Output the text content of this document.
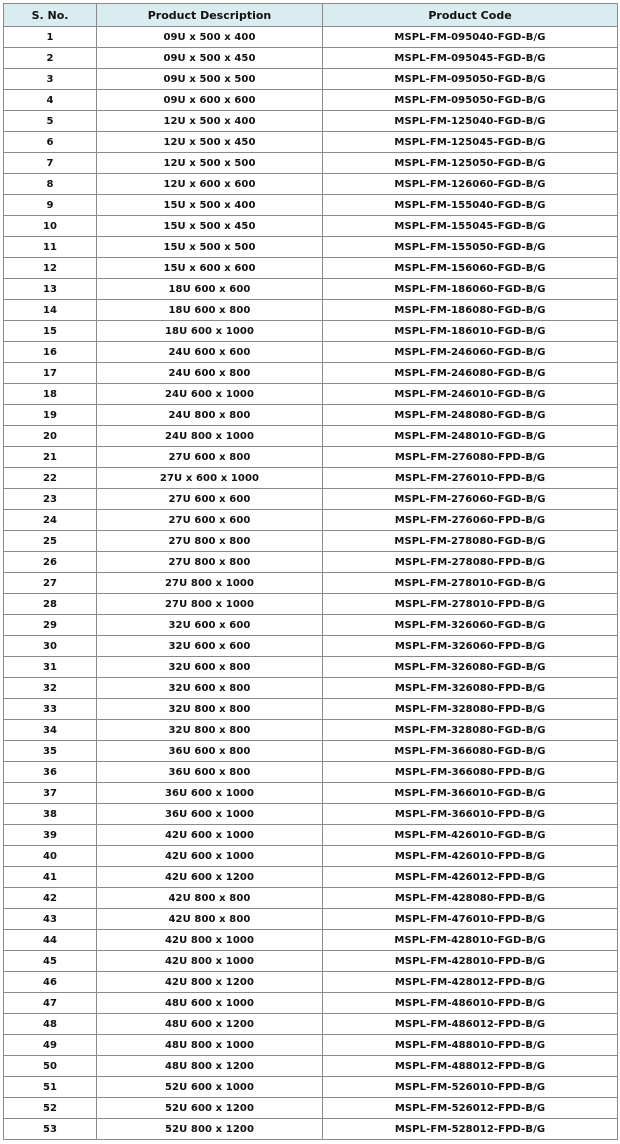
S. No.	Product Description	Product Code
1	09U x 500 x 400	MSPL-FM-095040-FGD-B/G
2	09U x 500 x 450	MSPL-FM-095045-FGD-B/G
3	09U x 500 x 500	MSPL-FM-095050-FGD-B/G
4	09U x 600 x 600	MSPL-FM-095050-FGD-B/G
5	12U x 500 x 400	MSPL-FM-125040-FGD-B/G
6	12U x 500 x 450	MSPL-FM-125045-FGD-B/G
7	12U x 500 x 500	MSPL-FM-125050-FGD-B/G
8	12U x 600 x 600	MSPL-FM-126060-FGD-B/G
9	15U x 500 x 400	MSPL-FM-155040-FGD-B/G
10	15U x 500 x 450	MSPL-FM-155045-FGD-B/G
11	15U x 500 x 500	MSPL-FM-155050-FGD-B/G
12	15U x 600 x 600	MSPL-FM-156060-FGD-B/G
13	18U 600 x 600	MSPL-FM-186060-FGD-B/G
14	18U 600 x 800	MSPL-FM-186080-FGD-B/G
15	18U 600 x 1000	MSPL-FM-186010-FGD-B/G
16	24U 600 x 600	MSPL-FM-246060-FGD-B/G
17	24U 600 x 800	MSPL-FM-246080-FGD-B/G
18	24U 600 x 1000	MSPL-FM-246010-FGD-B/G
19	24U 800 x 800	MSPL-FM-248080-FGD-B/G
20	24U 800 x 1000	MSPL-FM-248010-FGD-B/G
21	27U 600 x 800	MSPL-FM-276080-FPD-B/G
22	27U x 600 x 1000	MSPL-FM-276010-FPD-B/G
23	27U 600 x 600	MSPL-FM-276060-FGD-B/G
24	27U 600 x 600	MSPL-FM-276060-FPD-B/G
25	27U 800 x 800	MSPL-FM-278080-FGD-B/G
26	27U 800 x 800	MSPL-FM-278080-FPD-B/G
27	27U 800 x 1000	MSPL-FM-278010-FGD-B/G
28	27U 800 x 1000	MSPL-FM-278010-FPD-B/G
29	32U 600 x 600	MSPL-FM-326060-FGD-B/G
30	32U 600 x 600	MSPL-FM-326060-FPD-B/G
31	32U 600 x 800	MSPL-FM-326080-FGD-B/G
32	32U 600 x 800	MSPL-FM-326080-FPD-B/G
33	32U 800 x 800	MSPL-FM-328080-FPD-B/G
34	32U 800 x 800	MSPL-FM-328080-FGD-B/G
35	36U 600 x 800	MSPL-FM-366080-FGD-B/G
36	36U 600 x 800	MSPL-FM-366080-FPD-B/G
37	36U 600 x 1000	MSPL-FM-366010-FGD-B/G
38	36U 600 x 1000	MSPL-FM-366010-FPD-B/G
39	42U 600 x 1000	MSPL-FM-426010-FGD-B/G
40	42U 600 x 1000	MSPL-FM-426010-FPD-B/G
41	42U 600 x 1200	MSPL-FM-426012-FPD-B/G
42	42U 800 x 800	MSPL-FM-428080-FPD-B/G
43	42U 800 x 800	MSPL-FM-476010-FPD-B/G
44	42U 800 x 1000	MSPL-FM-428010-FGD-B/G
45	42U 800 x 1000	MSPL-FM-428010-FPD-B/G
46	42U 800 x 1200	MSPL-FM-428012-FPD-B/G
47	48U 600 x 1000	MSPL-FM-486010-FPD-B/G
48	48U 600 x 1200	MSPL-FM-486012-FPD-B/G
49	48U 800 x 1000	MSPL-FM-488010-FPD-B/G
50	48U 800 x 1200	MSPL-FM-488012-FPD-B/G
51	52U 600 x 1000	MSPL-FM-526010-FPD-B/G
52	52U 600 x 1200	MSPL-FM-526012-FPD-B/G
53	52U 800 x 1200	MSPL-FM-528012-FPD-B/G
